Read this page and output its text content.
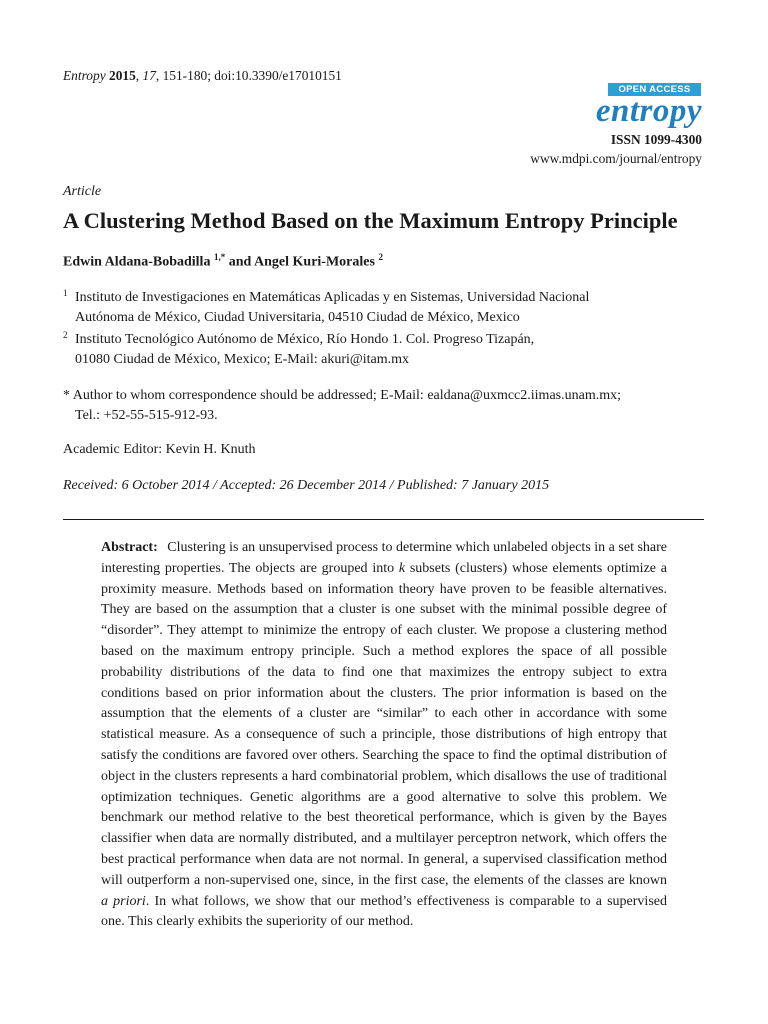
Entropy 2015, 17, 151-180; doi:10.3390/e17010151
OPEN ACCESS
entropy
ISSN 1099-4300
www.mdpi.com/journal/entropy
Article
A Clustering Method Based on the Maximum Entropy Principle
Edwin Aldana-Bobadilla $^{1,*}$ and Angel Kuri-Morales $^2$
1 Instituto de Investigaciones en Matemáticas Aplicadas y en Sistemas, Universidad Nacional
Autónoma de México, Ciudad Universitaria, 04510 Ciudad de México, Mexico
2 Instituto Tecnológico Autónomo de México, Río Hondo 1. Col. Progreso Tizapán,
01080 Ciudad de México, Mexico; E-Mail: akuri@itam.mx
* Author to whom correspondence should be addressed; E-Mail: ealdana@uxmcc2.iimas.unam.mx;
Tel.: +52-55-515-912-93.
Academic Editor: Kevin H. Knuth
Received: 6 October 2014 / Accepted: 26 December 2014 / Published: 7 January 2015
Abstract: Clustering is an unsupervised process to determine which unlabeled objects in a set share interesting properties. The objects are grouped into k subsets (clusters) whose elements optimize a proximity measure. Methods based on information theory have proven to be feasible alternatives. They are based on the assumption that a cluster is one subset with the minimal possible degree of “disorder”. They attempt to minimize the entropy of each cluster. We propose a clustering method based on the maximum entropy principle. Such a method explores the space of all possible probability distributions of the data to find one that maximizes the entropy subject to extra conditions based on prior information about the clusters. The prior information is based on the assumption that the elements of a cluster are “similar” to each other in accordance with some statistical measure. As a consequence of such a principle, those distributions of high entropy that satisfy the conditions are favored over others. Searching the space to find the optimal distribution of object in the clusters represents a hard combinatorial problem, which disallows the use of traditional optimization techniques. Genetic algorithms are a good alternative to solve this problem. We benchmark our method relative to the best theoretical performance, which is given by the Bayes classifier when data are normally distributed, and a multilayer perceptron network, which offers the best practical performance when data are not normal. In general, a supervised classification method will outperform a non-supervised one, since, in the first case, the elements of the classes are known a priori. In what follows, we show that our method’s effectiveness is comparable to a supervised one. This clearly exhibits the superiority of our method.
